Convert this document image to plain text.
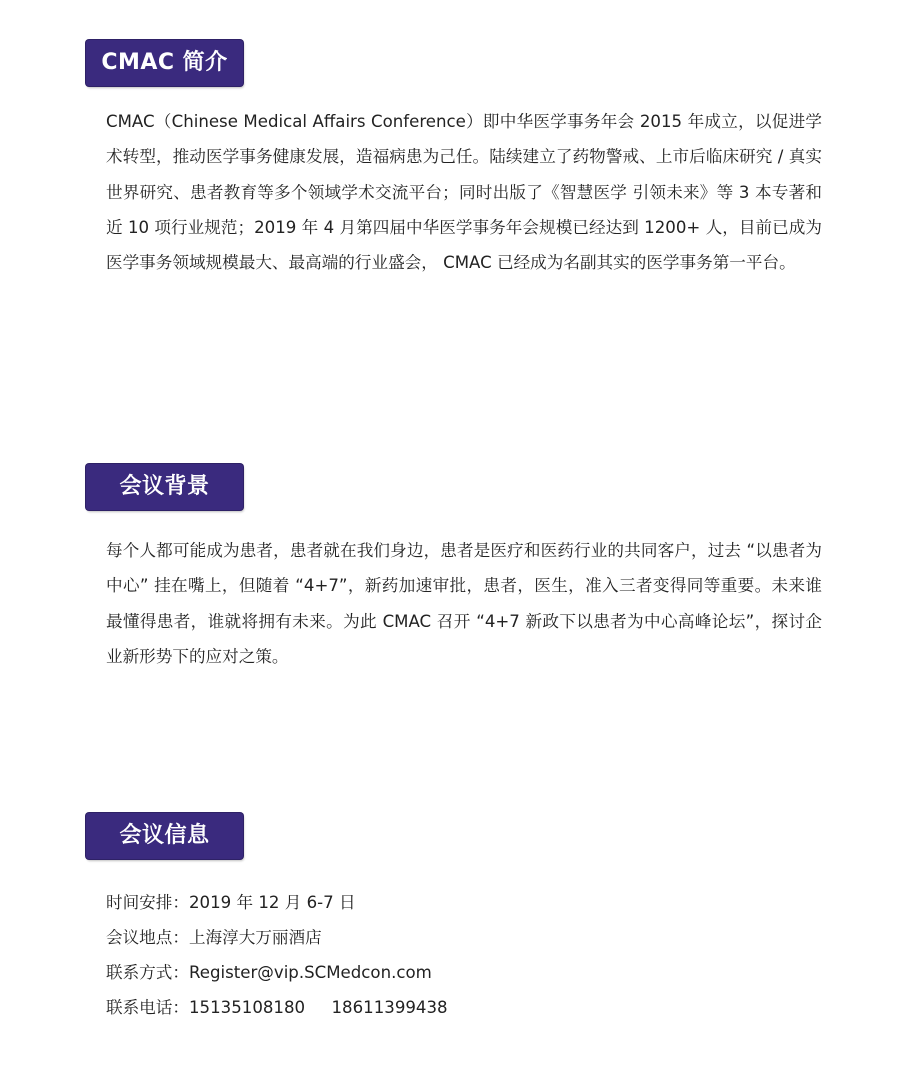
CMAC 简介

CMAC（Chinese Medical Affairs Conference）即中华医学事务年会 2015 年成立，以促进学术转型，推动医学事务健康发展，造福病患为己任。陆续建立了药物警戒、上市后临床研究 / 真实世界研究、患者教育等多个领域学术交流平台；同时出版了《智慧医学 引领未来》等 3 本专著和近 10 项行业规范；2019 年 4 月第四届中华医学事务年会规模已经达到 1200+ 人，目前已成为医学事务领域规模最大、最高端的行业盛会， CMAC 已经成为名副其实的医学事务第一平台。

会议背景

每个人都可能成为患者，患者就在我们身边，患者是医疗和医药行业的共同客户，过去 “以患者为中心” 挂在嘴上，但随着 “4+7”，新药加速审批，患者，医生，准入三者变得同等重要。未来谁最懂得患者，谁就将拥有未来。为此 CMAC 召开 “4+7 新政下以患者为中心高峰论坛”，探讨企业新形势下的应对之策。

会议信息
时间安排：2019 年 12 月 6-7 日
会议地点：上海淳大万丽酒店
联系方式：Register@vip.SCMedcon.com
联系电话：15135108180     18611399438
